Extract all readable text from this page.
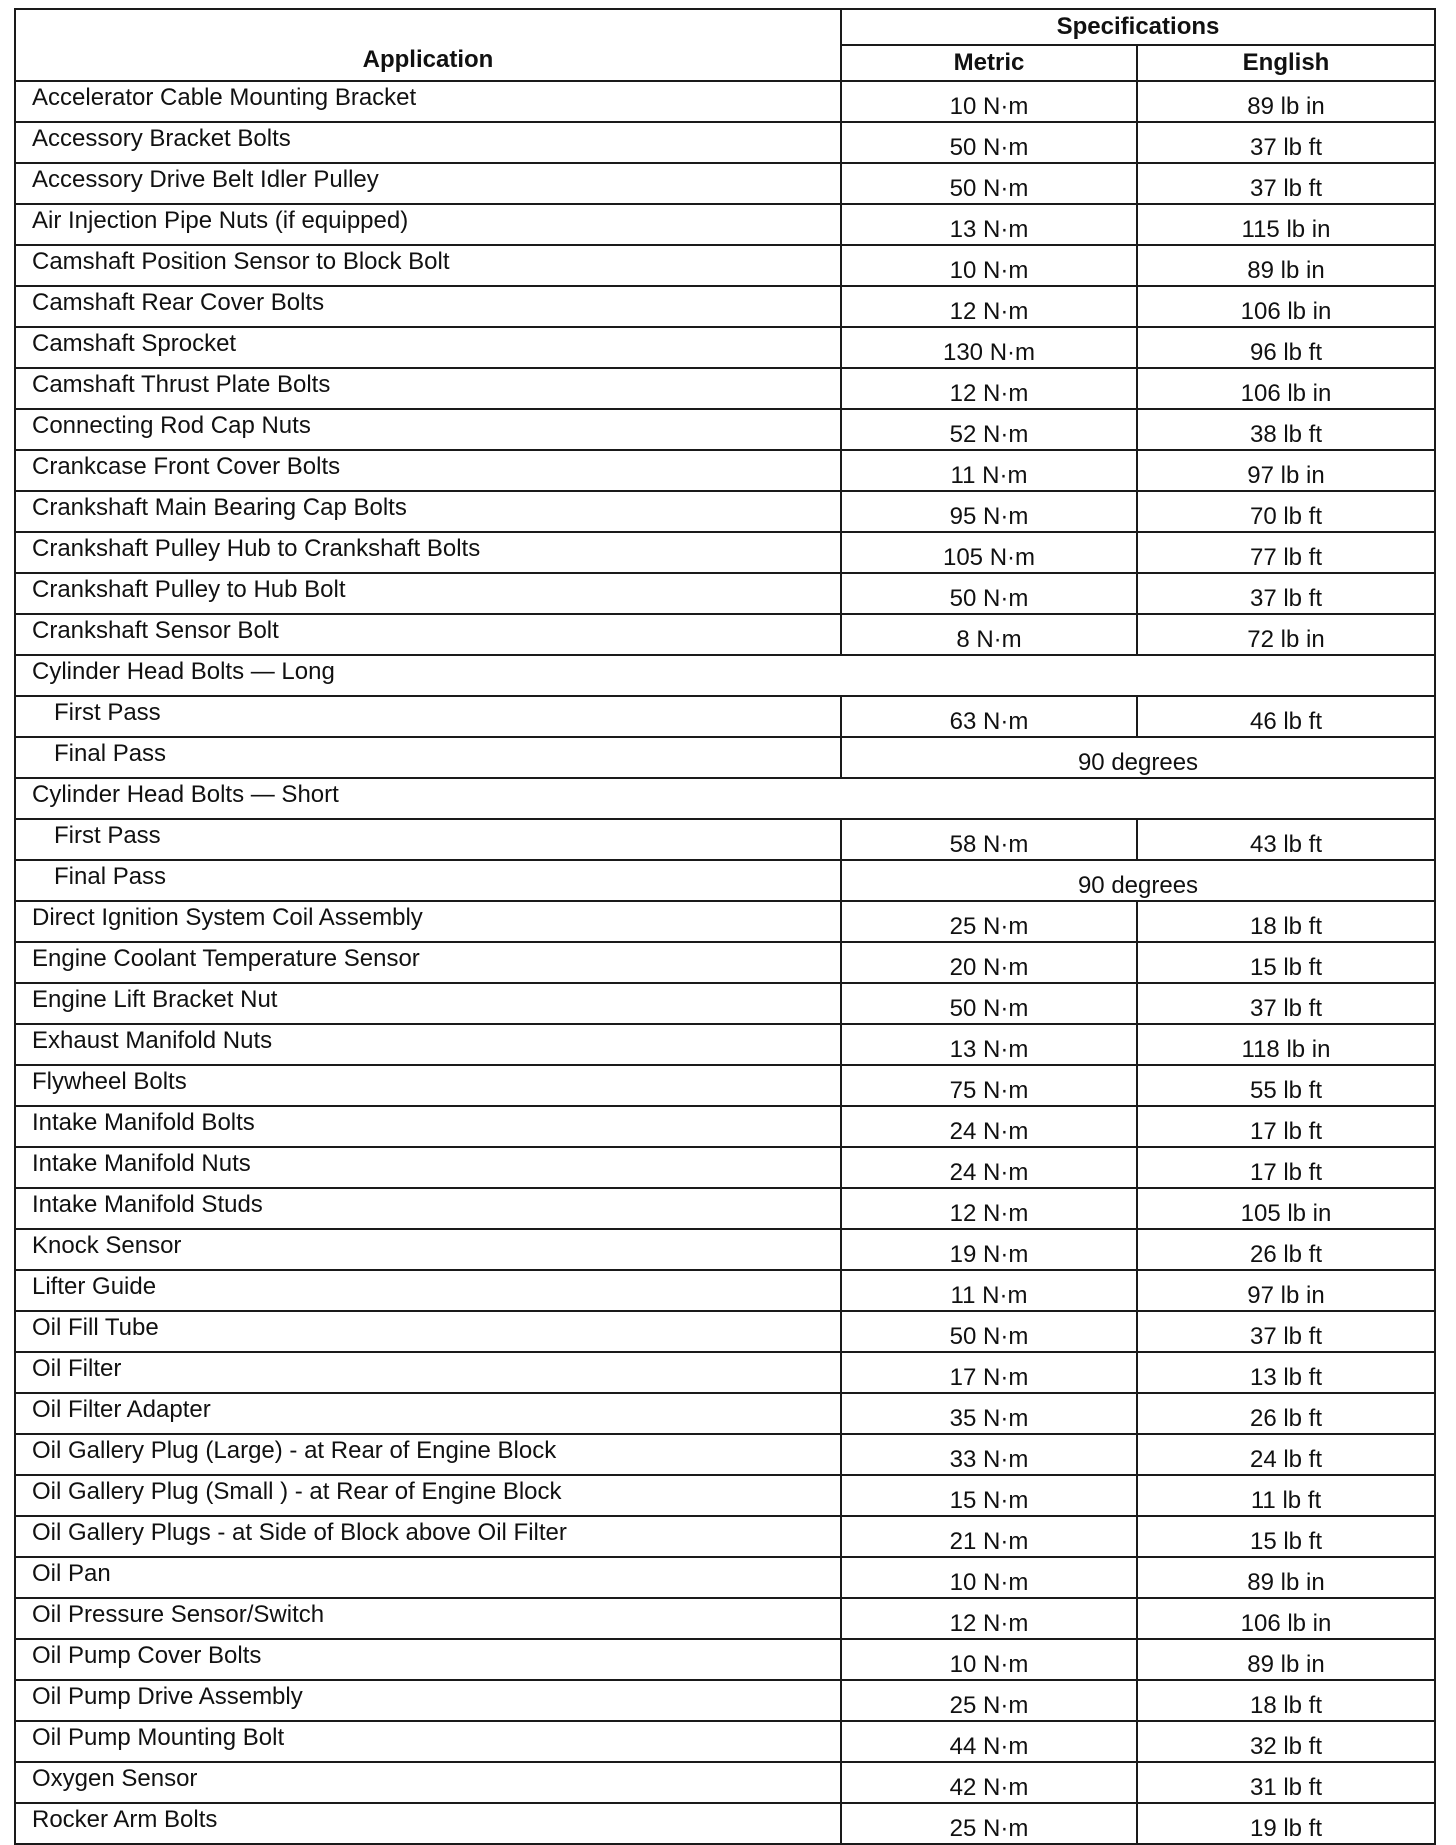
Application	Specifications	
	Metric	English
Accelerator Cable Mounting Bracket	10 N·m	89 lb in
Accessory Bracket Bolts	50 N·m	37 lb ft
Accessory Drive Belt Idler Pulley	50 N·m	37 lb ft
Air Injection Pipe Nuts (if equipped)	13 N·m	115 lb in
Camshaft Position Sensor to Block Bolt	10 N·m	89 lb in
Camshaft Rear Cover Bolts	12 N·m	106 lb in
Camshaft Sprocket	130 N·m	96 lb ft
Camshaft Thrust Plate Bolts	12 N·m	106 lb in
Connecting Rod Cap Nuts	52 N·m	38 lb ft
Crankcase Front Cover Bolts	11 N·m	97 lb in
Crankshaft Main Bearing Cap Bolts	95 N·m	70 lb ft
Crankshaft Pulley Hub to Crankshaft Bolts	105 N·m	77 lb ft
Crankshaft Pulley to Hub Bolt	50 N·m	37 lb ft
Crankshaft Sensor Bolt	8 N·m	72 lb in
Cylinder Head Bolts — Long		
First Pass	63 N·m	46 lb ft
Final Pass	90 degrees	
Cylinder Head Bolts — Short		
First Pass	58 N·m	43 lb ft
Final Pass	90 degrees	
Direct Ignition System Coil Assembly	25 N·m	18 lb ft
Engine Coolant Temperature Sensor	20 N·m	15 lb ft
Engine Lift Bracket Nut	50 N·m	37 lb ft
Exhaust Manifold Nuts	13 N·m	118 lb in
Flywheel Bolts	75 N·m	55 lb ft
Intake Manifold Bolts	24 N·m	17 lb ft
Intake Manifold Nuts	24 N·m	17 lb ft
Intake Manifold Studs	12 N·m	105 lb in
Knock Sensor	19 N·m	26 lb ft
Lifter Guide	11 N·m	97 lb in
Oil Fill Tube	50 N·m	37 lb ft
Oil Filter	17 N·m	13 lb ft
Oil Filter Adapter	35 N·m	26 lb ft
Oil Gallery Plug (Large) - at Rear of Engine Block	33 N·m	24 lb ft
Oil Gallery Plug (Small ) - at Rear of Engine Block	15 N·m	11 lb ft
Oil Gallery Plugs - at Side of Block above Oil Filter	21 N·m	15 lb ft
Oil Pan	10 N·m	89 lb in
Oil Pressure Sensor/Switch	12 N·m	106 lb in
Oil Pump Cover Bolts	10 N·m	89 lb in
Oil Pump Drive Assembly	25 N·m	18 lb ft
Oil Pump Mounting Bolt	44 N·m	32 lb ft
Oxygen Sensor	42 N·m	31 lb ft
Rocker Arm Bolts	25 N·m	19 lb ft
